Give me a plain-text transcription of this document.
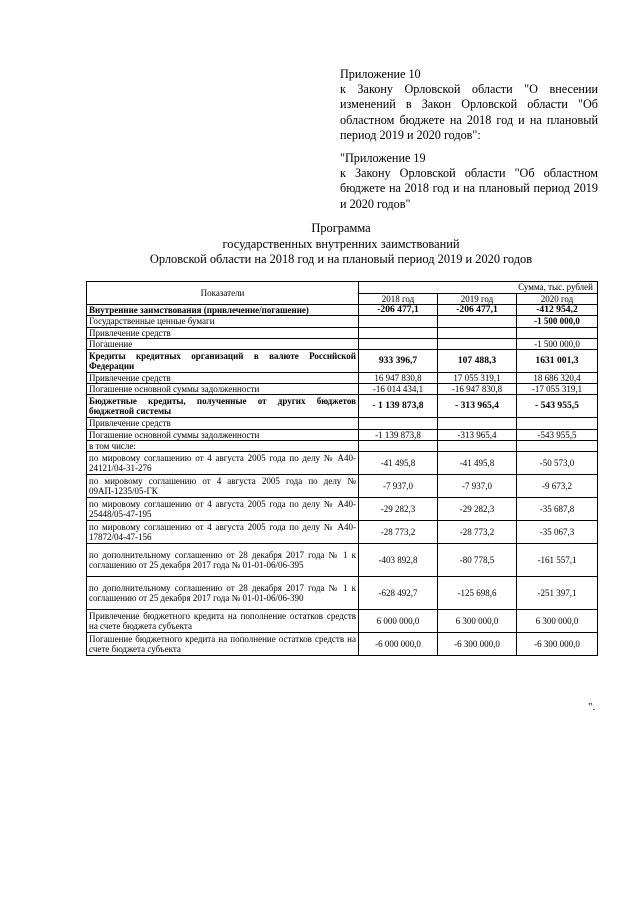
Приложение 10
к Закону Орловской области "О внесении изменений в Закон Орловской области "Об областном бюджете на 2018 год и на плановый период 2019 и 2020 годов":
"Приложение 19
к Закону Орловской области "Об областном бюджете на 2018 год и на плановый период 2019 и 2020 годов"
Программа
государственных внутренних заимствований
Орловской области на 2018 год и на плановый период 2019 и 2020 годов
Показатели	Сумма, тыс. рублей		
	2018 год	2019 год	2020 год
Внутренние заимствования (привлечение/погашение)	-206 477,1	-206 477,1	-412 954,2
Государственные ценные бумаги			-1 500 000,0
Привлечение средств			
Погашение			-1 500 000,0
Кредиты кредитных организаций в валюте Российской Федерации	933 396,7	107 488,3	1631 001,3
Привлечение средств	16 947 830,8	17 055 319,1	18 686 320,4
Погашение основной суммы задолженности	-16 014 434,1	-16 947 830,8	-17 055 319,1
Бюджетные кредиты, полученные от других бюджетов бюджетной системы	- 1 139 873,8	- 313 965,4	- 543 955,5
Привлечение средств			
Погашение основной суммы задолженности	-1 139 873,8	-313 965,4	-543 955,5
в том числе:			
по мировому соглашению от 4 августа 2005 года по делу № А40-24121/04-31-276	-41 495,8	-41 495,8	-50 573,0
по мировому соглашению от 4 августа 2005 года по делу № 09АП-1235/05-ГК	-7 937,0	-7 937,0	-9 673,2
по мировому соглашению от 4 августа 2005 года по делу № А40-25448/05-47-195	-29 282,3	-29 282,3	-35 687,8
по мировому соглашению от 4 августа 2005 года по делу № А40-17872/04-47-156	-28 773,2	-28 773,2	-35 067,3
по дополнительному соглашению от 28 декабря 2017 года № 1 к соглашению от 25 декабря 2017 года № 01-01-06/06-395	-403 892,8	-80 778,5	-161 557,1
по дополнительному соглашению от 28 декабря 2017 года № 1 к соглашению от 25 декабря 2017 года № 01-01-06/06-390	-628 492,7	-125 698,6	-251 397,1
Привлечение бюджетного кредита на пополнение остатков средств на счете бюджета субъекта	6 000 000,0	6 300 000,0	6 300 000,0
Погашение бюджетного кредита на пополнение остатков средств на счете бюджета субъекта	-6 000 000,0	-6 300 000,0	-6 300 000,0
".
